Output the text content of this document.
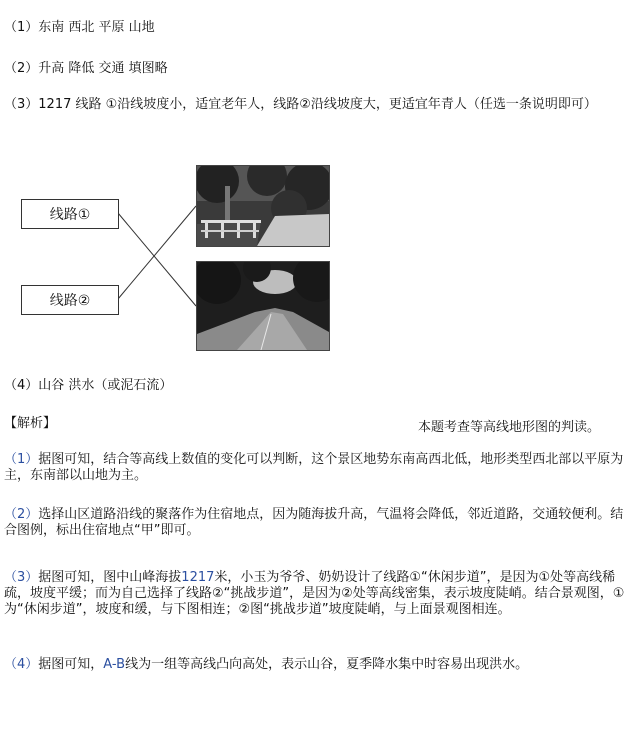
（1）东南 西北 平原 山地
（2）升高 降低 交通 填图略
（3）1217 线路 ①沿线坡度小，适宜老年人，线路②沿线坡度大，更适宜年青人（任选一条说明即可）
线路①
线路②
（4）山谷 洪水（或泥石流）
【解析】	本题考查等高线地形图的判读。
（1）据图可知，结合等高线上数值的变化可以判断，这个景区地势东南高西北低，地形类型西北部以平原为主，东南部以山地为主。
（2）选择山区道路沿线的聚落作为住宿地点，因为随海拔升高，气温将会降低，邻近道路，交通较便利。结合图例，标出住宿地点“甲”即可。
（3）据图可知，图中山峰海拔1217米，小玉为爷爷、奶奶设计了线路①“休闲步道”，是因为①处等高线稀疏，坡度平缓；而为自己选择了线路②“挑战步道”，是因为②处等高线密集，表示坡度陡峭。结合景观图，①为“休闲步道”，坡度和缓，与下图相连；②图“挑战步道”坡度陡峭，与上面景观图相连。
（4）据图可知，A-B线为一组等高线凸向高处，表示山谷，夏季降水集中时容易出现洪水。
